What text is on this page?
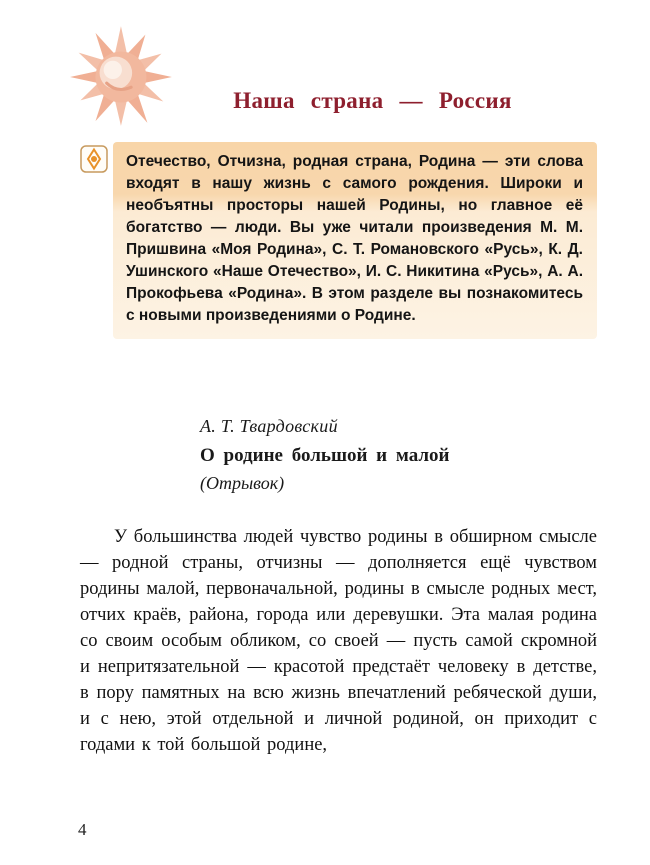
Наша страна — Россия
Отечество, Отчизна, родная страна, Родина — эти слова входят в нашу жизнь с самого рождения. Широки и необъятны просторы нашей Родины, но главное её богатство — люди. Вы уже читали произведения М. М. Пришвина «Моя Родина», С. Т. Романовского «Русь», К. Д. Ушинского «Наше Отечество», И. С. Никитина «Русь», А. А. Прокофьева «Родина». В этом разделе вы познакомитесь с новыми произведениями о Родине.
А. Т. Твардовский
О родине большой и малой
(Отрывок)

У большинства людей чувство родины в обширном смысле — родной страны, отчизны — дополняется ещё чувством родины малой, первоначальной, родины в смысле родных мест, отчих краёв, района, города или деревушки. Эта малая родина со своим особым обликом, со своей — пусть самой скромной и непритязательной — красотой предстаёт человеку в детстве, в пору памятных на всю жизнь впечатлений ребяческой души, и с нею, этой отдельной и личной родиной, он приходит с годами к той большой родине,

4
